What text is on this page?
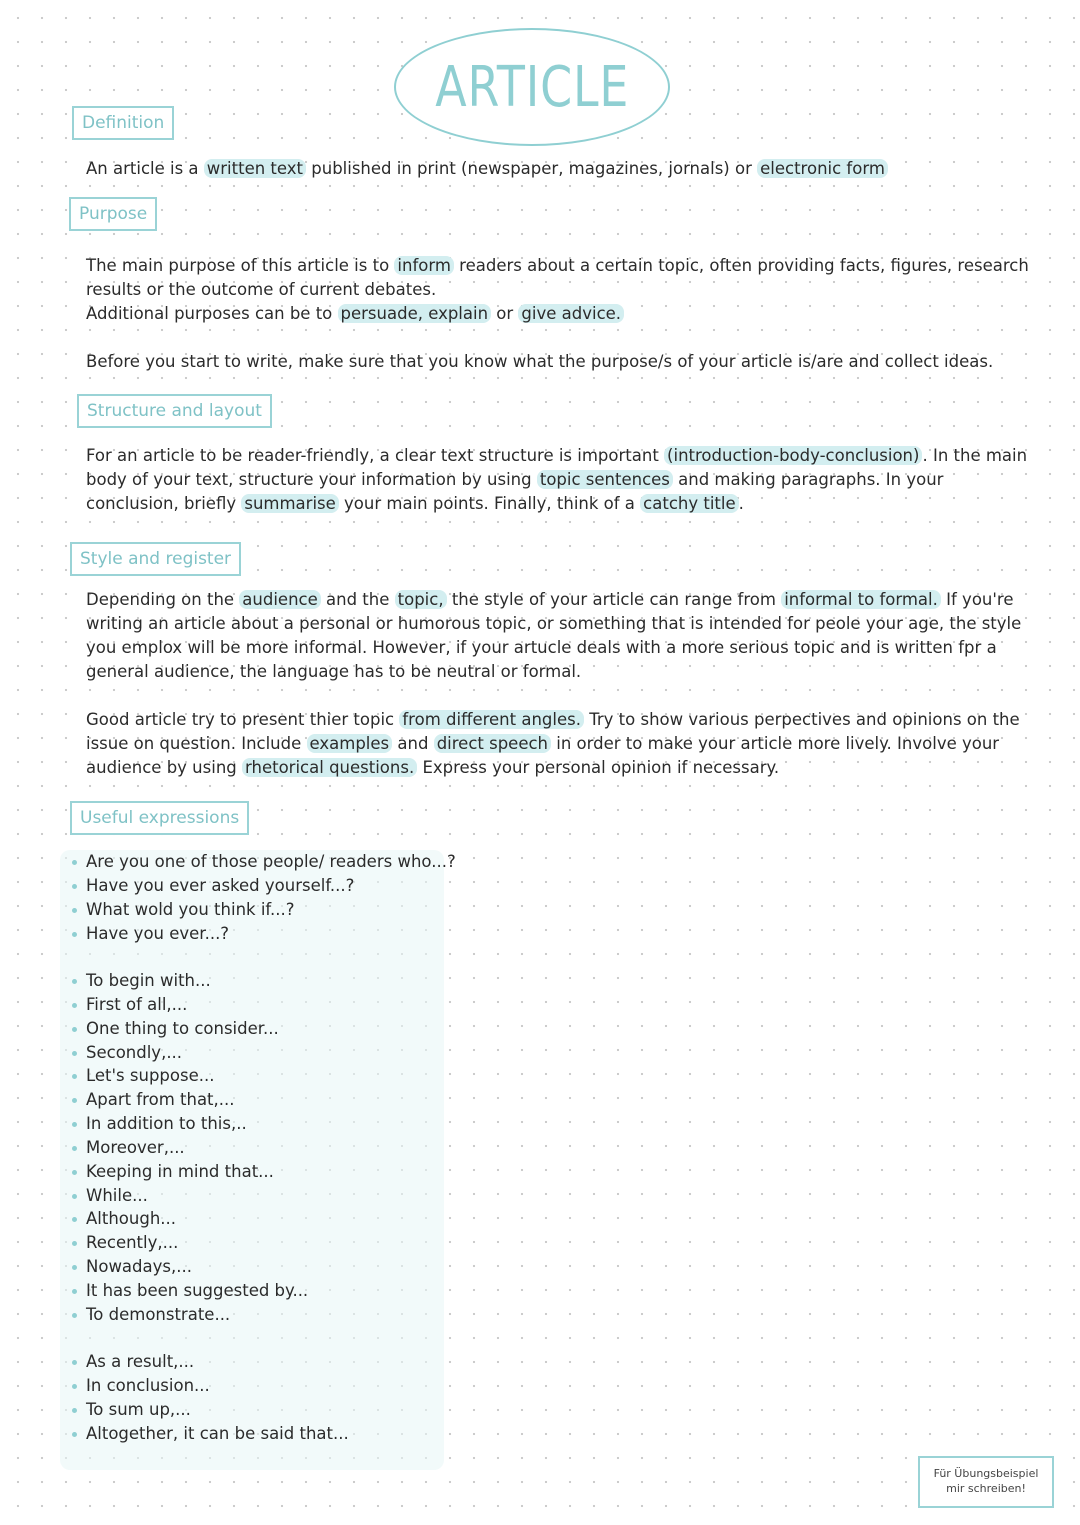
ARTICLE
Definition

An article is a written text published in print (newspaper, magazines, jornals) or electronic form

Purpose

The main purpose of this article is to inform readers about a certain topic, often providing facts, figures, research results or the outcome of current debates.

Additional purposes can be to persuade, explain or give advice.

Before you start to write, make sure that you know what the purpose/s of your article is/are and collect ideas.

Structure and layout

For an article to be reader-friendly, a clear text structure is important (introduction-body-conclusion) . In the main body of your text, structure your information by using topic sentences and making paragraphs. In your conclusion, briefly summarise your main points. Finally, think of a catchy title .

Style and register

Depending on the audience and the topic, the style of your article can range from informal to formal. If you're writing an article about a personal or humorous topic, or something that is intended for peole your age, the style you emplox will be more informal. However, if your artucle deals with a more serious topic and is written fpr a general audience, the language has to be neutral or formal.

Good article try to present thier topic from different angles. Try to show various perpectives and opinions on the issue on question. Include examples and direct speech in order to make your article more lively. Involve your audience by using rhetorical questions. Express your personal opinion if necessary.

Useful expressions
Are you one of those people/ readers who...?
Have you ever asked yourself...?
What wold you think if...?
Have you ever...?
To begin with...
First of all,...
One thing to consider...
Secondly,...
Let's suppose...
Apart from that,...
In addition to this,..
Moreover,...
Keeping in mind that...
While...
Although...
Recently,...
Nowadays,...
It has been suggested by...
To demonstrate...
As a result,...
In conclusion...
To sum up,...
Altogether, it can be said that...
Für Übungsbeispiel
mir schreiben!
